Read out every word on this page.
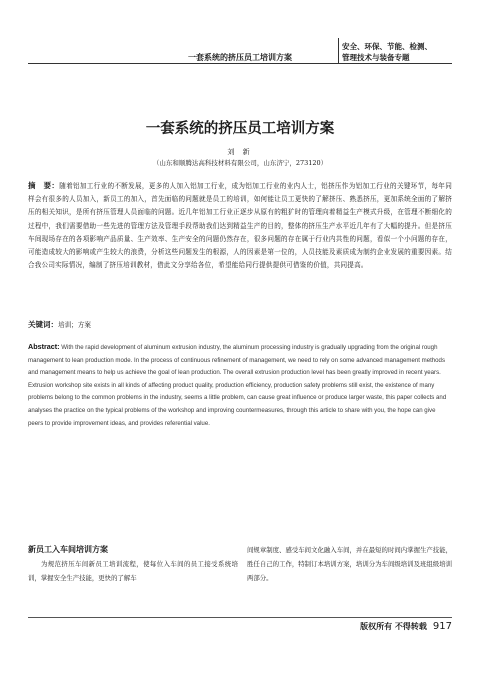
一套系统的挤压员工培训方案
安全、环保、节能、检测、
管理技术与装备专题
一套系统的挤压员工培训方案
刘 新
（山东和顺腾达高科技材料有限公司，山东济宁，273120）
摘　要：随着铝加工行业的不断发展，更多的人加入铝加工行业，成为铝加工行业的业内人士，铝挤压作为铝加工行业的关键环节，每年同样会有很多的人员加入，新员工的加入，首先面临的问题就是员工的培训，如何能让员工更快的了解挤压、熟悉挤压，更加系统全面的了解挤压的相关知识，是所有挤压管理人员面临的问题。近几年铝加工行业正逐步从原有的粗犷时的管理向着精益生产模式升级，在管理不断细化的过程中，我们需要借助一些先进的管理方法及管理手段帮助我们达到精益生产的目的，整体的挤压生产水平近几年有了大幅的提升。但是挤压车间现场存在的各项影响产品质量、生产效率、生产安全的问题仍然存在，很多问题的存在属于行业内共性的问题，看似一个小问题的存在，可能造成较大的影响或产生较大的浪费，分析这些问题发生的根源，人的因素是第一位的，人员技能及素质成为制约企业发展的重要因素。结合我公司实际情况，编制了挤压培训教材，借此文分享给各位，希望能给同行提供提供可借鉴的价值，共同提高。
关键词：培训；方案
Abstract: With the rapid development of aluminum extrusion industry, the aluminum processing industry is gradually upgrading from the original rough management to lean production mode. In the process of continuous refinement of management, we need to rely on some advanced management methods and management means to help us achieve the goal of lean production. The overall extrusion production level has been greatly improved in recent years. Extrusion workshop site exists in all kinds of affecting product quality, production efficiency, production safety problems still exist, the existence of many problems belong to the common problems in the industry, seems a little problem, can cause great influence or produce larger waste, this paper collects and analyses the practice on the typical problems of the workshop and improving countermeasures, through this article to share with you, the hope can give peers to provide improvement ideas, and provides referential value.
新员工入车间培训方案
为规范挤压车间新员工培训流程，使每位入车间的员工接受系统培训，掌握安全生产技能，更快的了解车
间规章制度、感受车间文化融入车间，并在最短的时间内掌握生产技能，胜任自己的工作，特制订本培训方案，培训分为车间级培训及班组级培训两部分。
版权所有 不得转载 917
